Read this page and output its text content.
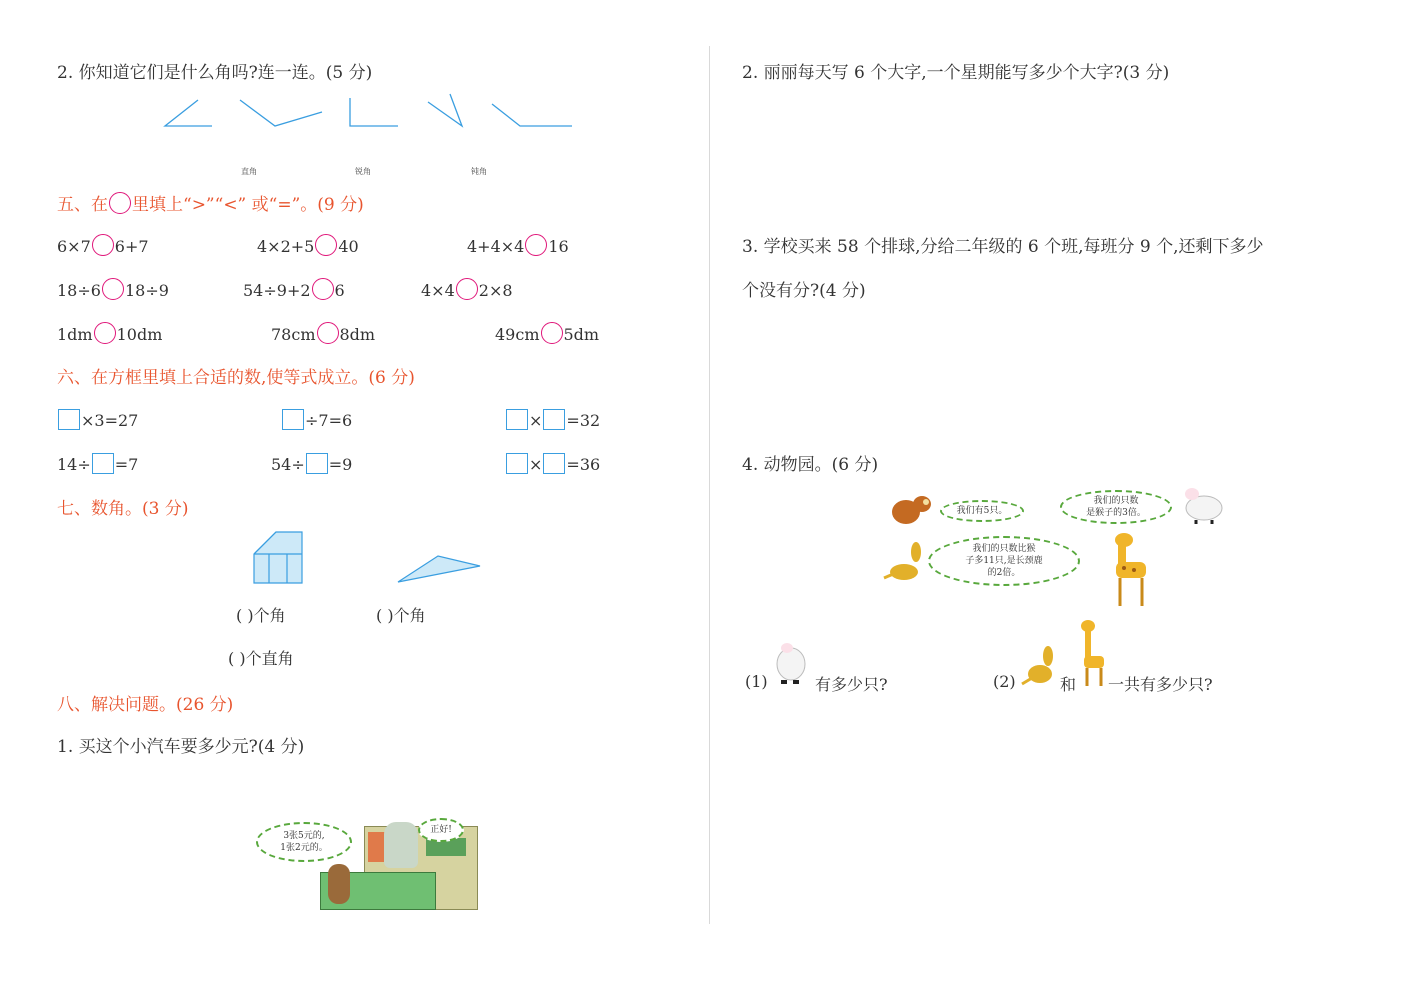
2. 你知道它们是什么角吗?连一连。(5 分)
直角	锐角	钝角
五、在 里填上“>”“<” 或“=”。(9 分)
6×7 6+7	4×2+5 40	4+4×4 16
18÷6 18÷9	54÷9+2 6	4×4 2×8
1dm 10dm	78cm 8dm	49cm 5dm
六、在方框里填上合适的数,使等式成立。(6 分)
×3=27	÷7=6	× =32
14÷ =7	54÷ =9	× =36
七、数角。(3 分)
( )个角	( )个角
( )个直角
八、解决问题。(26 分)
1. 买这个小汽车要多少元?(4 分)
3张5元的,
1张2元的。
正好!
2. 丽丽每天写 6 个大字,一个星期能写多少个大字?(3 分)
3. 学校买来 58 个排球,分给二年级的 6 个班,每班分 9 个,还剩下多少
个没有分?(4 分)
4. 动物园。(6 分)
我们有5只。
我们的只数
是猴子的3倍。
我们的只数比猴
子多11只,是长颈鹿
的2倍。
(1)	有多少只?	(2)	和 一共有多少只?
